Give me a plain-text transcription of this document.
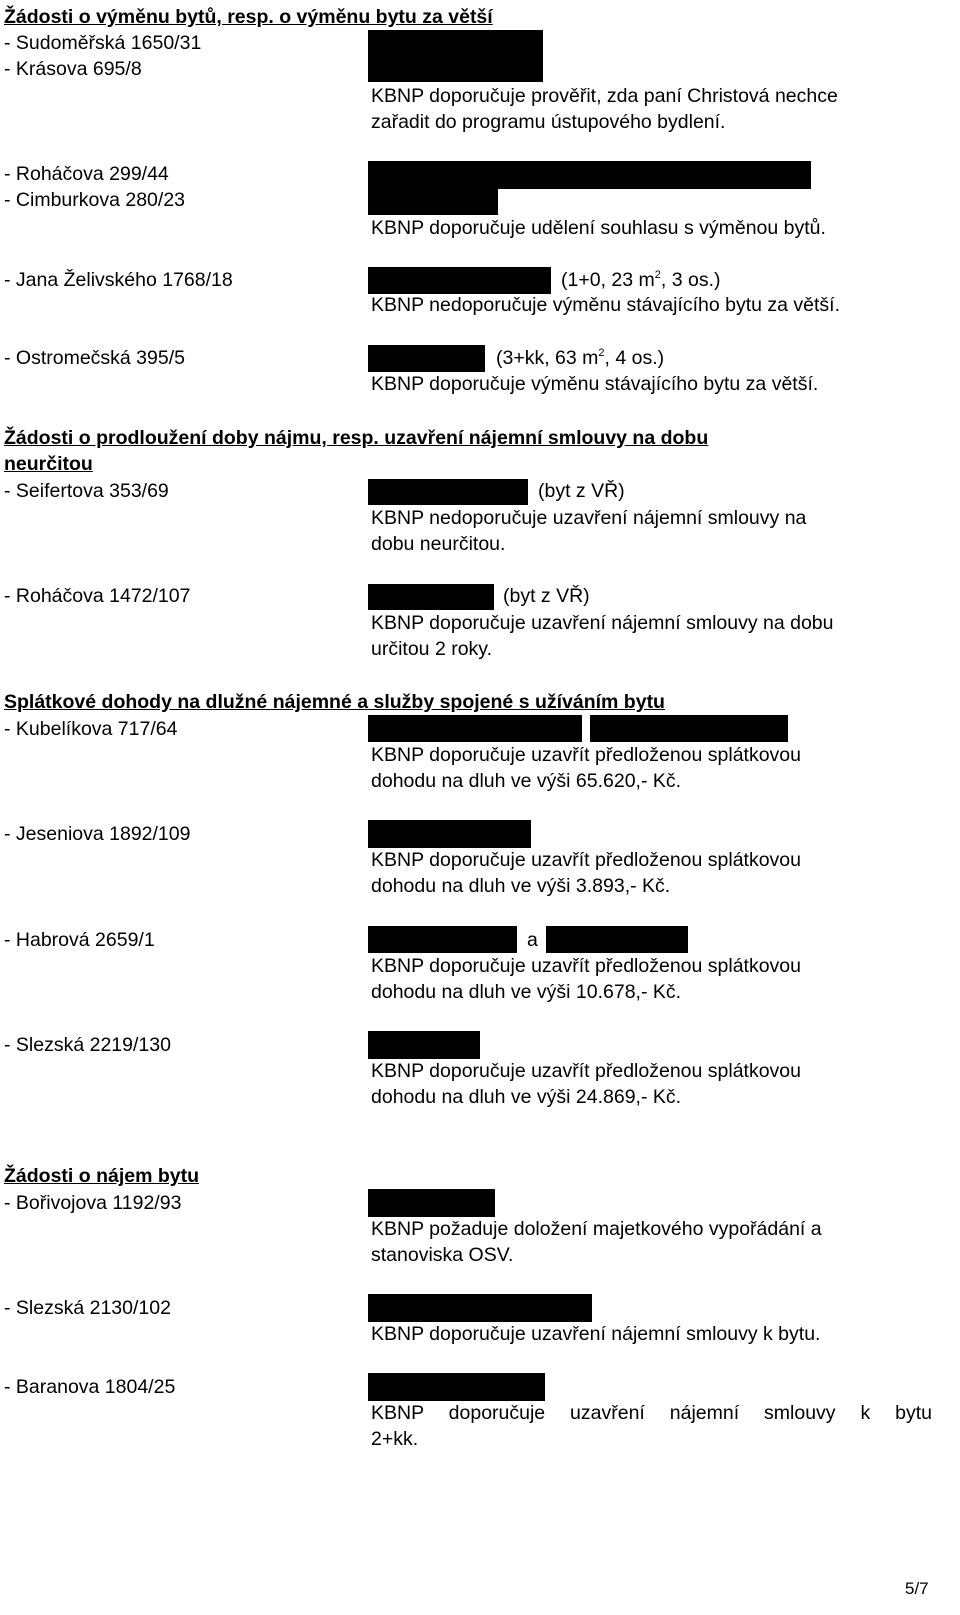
Žádosti o výměnu bytů, resp. o výměnu bytu za větší
- Sudoměřská 1650/31
- Krásova 695/8
KBNP doporučuje prověřit, zda paní Christová nechce
zařadit do programu ústupového bydlení.
- Roháčova 299/44
- Cimburkova 280/23
KBNP doporučuje udělení souhlasu s výměnou bytů.
- Jana Želivského 1768/18	(1+0, 23 $m^2$, 3 os.)
KBNP nedoporučuje výměnu stávajícího bytu za větší.
- Ostromečská 395/5	(3+kk, 63 $m^2$, 4 os.)
KBNP doporučuje výměnu stávajícího bytu za větší.
Žádosti o prodloužení doby nájmu, resp. uzavření nájemní smlouvy na dobu
neurčitou
- Seifertova 353/69	(byt z VŘ)
KBNP nedoporučuje uzavření nájemní smlouvy na
dobu neurčitou.
- Roháčova 1472/107	(byt z VŘ)
KBNP doporučuje uzavření nájemní smlouvy na dobu
určitou 2 roky.
Splátkové dohody na dlužné nájemné a služby spojené s užíváním bytu
- Kubelíkova 717/64
KBNP doporučuje uzavřít předloženou splátkovou
dohodu na dluh ve výši 65.620,- Kč.
- Jeseniova 1892/109
KBNP doporučuje uzavřít předloženou splátkovou
dohodu na dluh ve výši 3.893,- Kč.
- Habrová 2659/1	a
KBNP doporučuje uzavřít předloženou splátkovou
dohodu na dluh ve výši 10.678,- Kč.
- Slezská 2219/130
KBNP doporučuje uzavřít předloženou splátkovou
dohodu na dluh ve výši 24.869,- Kč.
Žádosti o nájem bytu
- Bořivojova 1192/93
KBNP požaduje doložení majetkového vypořádání a
stanoviska OSV.
- Slezská 2130/102
KBNP doporučuje uzavření nájemní smlouvy k bytu.
- Baranova 1804/25
KBNP doporučuje uzavření nájemní smlouvy k bytu
2+kk.
5/7
